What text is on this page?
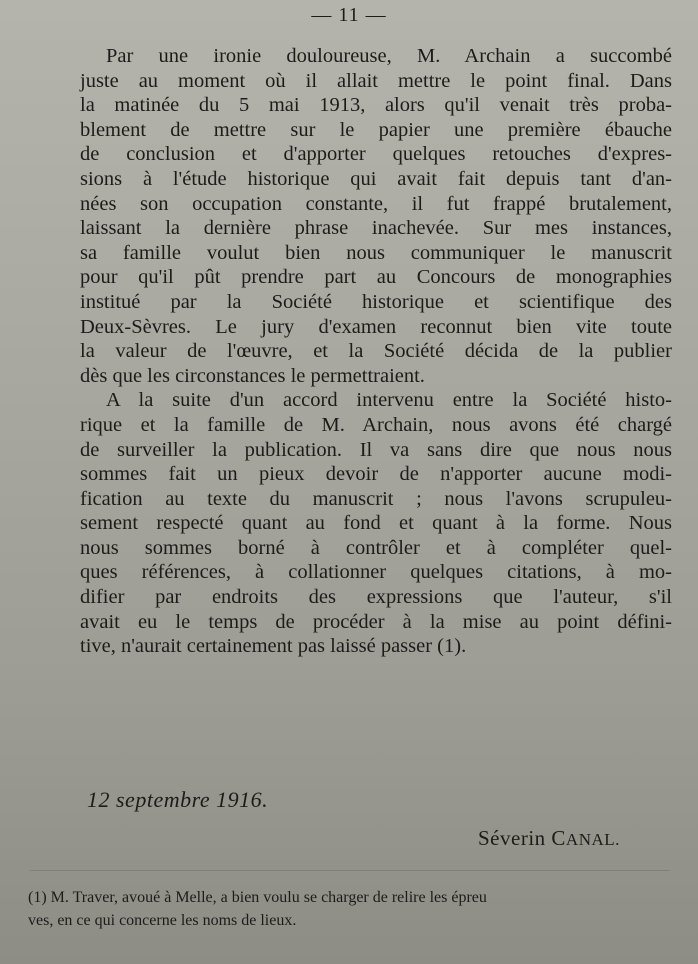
— 11 —
Par une ironie douloureuse, M. Archain a succombé
juste au moment où il allait mettre le point final. Dans
la matinée du 5 mai 1913, alors qu'il venait très proba-
blement de mettre sur le papier une première ébauche
de conclusion et d'apporter quelques retouches d'expres-
sions à l'étude historique qui avait fait depuis tant d'an-
nées son occupation constante, il fut frappé brutalement,
laissant la dernière phrase inachevée. Sur mes instances,
sa famille voulut bien nous communiquer le manuscrit
pour qu'il pût prendre part au Concours de monographies
institué par la Société historique et scientifique des
Deux-Sèvres. Le jury d'examen reconnut bien vite toute
la valeur de l'œuvre, et la Société décida de la publier
dès que les circonstances le permettraient.
A la suite d'un accord intervenu entre la Société histo-
rique et la famille de M. Archain, nous avons été chargé
de surveiller la publication. Il va sans dire que nous nous
sommes fait un pieux devoir de n'apporter aucune modi-
fication au texte du manuscrit ; nous l'avons scrupuleu-
sement respecté quant au fond et quant à la forme. Nous
nous sommes borné à contrôler et à compléter quel-
ques références, à collationner quelques citations, à mo-
difier par endroits des expressions que l'auteur, s'il
avait eu le temps de procéder à la mise au point défini-
tive, n'aurait certainement pas laissé passer (1).
12 septembre 1916.
Séverin CANAL.
(1) M. Traver, avoué à Melle, a bien voulu se charger de relire les épreu
ves, en ce qui concerne les noms de lieux.
